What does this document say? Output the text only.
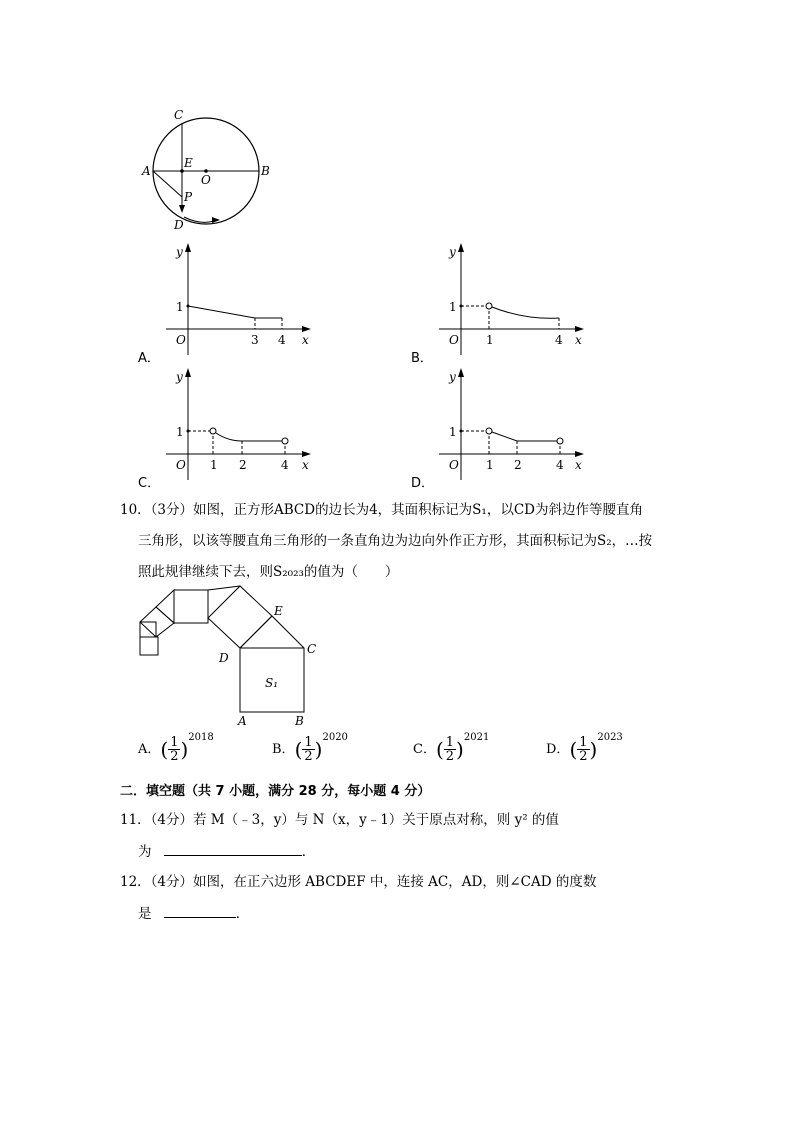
C
A
E
O
B
P
D
A．
y
1
O	3 4 x
B．
y
1
O 1	4 x
C．
y
1
O 1 2	4 x
D．
y
1
O 1 2	4 x
10．（3分）如图，正方形ABCD的边长为4，其面积标记为S₁，以CD为斜边作等腰直角
三角形，以该等腰直角三角形的一条直角边为边向外作正方形，其面积标记为S₂，…按
照此规律继续下去，则S₂₀₂₃的值为（　　）
E
D
C
S₁
A	B
A．( $\frac{1}{2} )^{2018}$
B．( $\frac{1}{2} )^{2020}$
C．( $\frac{1}{2} )^{2021}$
D．( $\frac{1}{2} )^{2023}$
二．填空题（共 7 小题，满分 28 分，每小题 4 分）
11．（4分）若 M（﹣3，y）与 N（x，y﹣1）关于原点对称，则 y² 的值
为	．
12．（4分）如图，在正六边形 ABCDEF 中，连接 AC，AD，则∠CAD 的度数
是	．
